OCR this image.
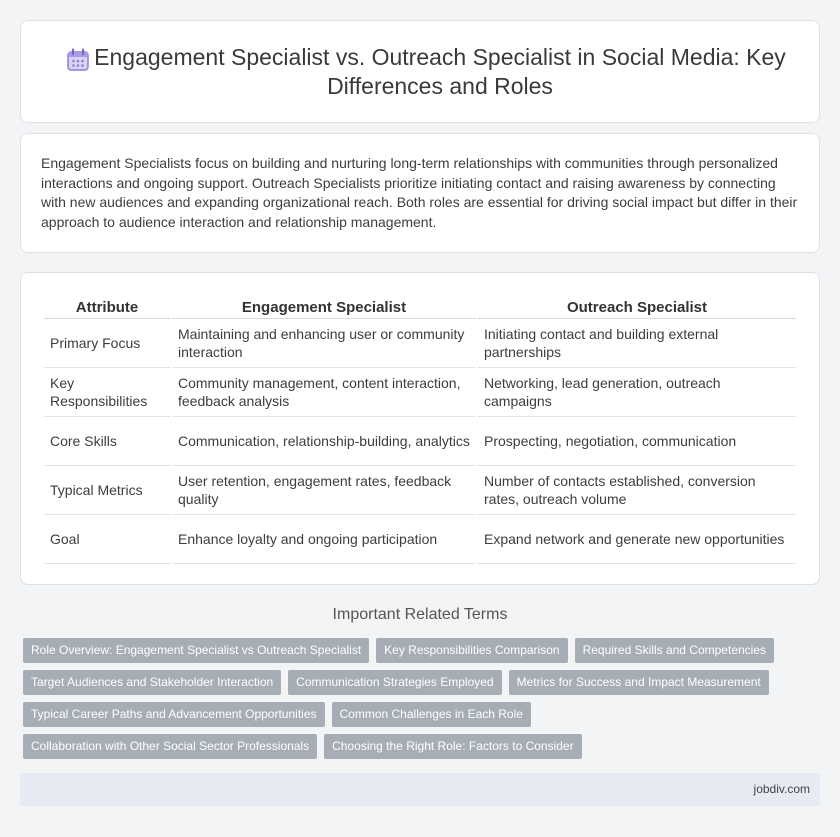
Engagement Specialist vs. Outreach Specialist in Social Media: Key Differences and Roles

Engagement Specialists focus on building and nurturing long-term relationships with communities through personalized interactions and ongoing support. Outreach Specialists prioritize initiating contact and raising awareness by connecting with new audiences and expanding organizational reach. Both roles are essential for driving social impact but differ in their approach to audience interaction and relationship management.

Attribute	Engagement Specialist	Outreach Specialist
Primary Focus	Maintaining and enhancing user or community interaction	Initiating contact and building external partnerships
Key Responsibilities	Community management, content interaction, feedback analysis	Networking, lead generation, outreach campaigns
Core Skills	Communication, relationship-building, analytics	Prospecting, negotiation, communication
Typical Metrics	User retention, engagement rates, feedback quality	Number of contacts established, conversion rates, outreach volume
Goal	Enhance loyalty and ongoing participation	Expand network and generate new opportunities
Important Related Terms
Role Overview: Engagement Specialist vs Outreach Specialist	Key Responsibilities Comparison	Required Skills and Competencies
Target Audiences and Stakeholder Interaction	Communication Strategies Employed	Metrics for Success and Impact Measurement
Typical Career Paths and Advancement Opportunities	Common Challenges in Each Role
Collaboration with Other Social Sector Professionals	Choosing the Right Role: Factors to Consider
jobdiv.com
